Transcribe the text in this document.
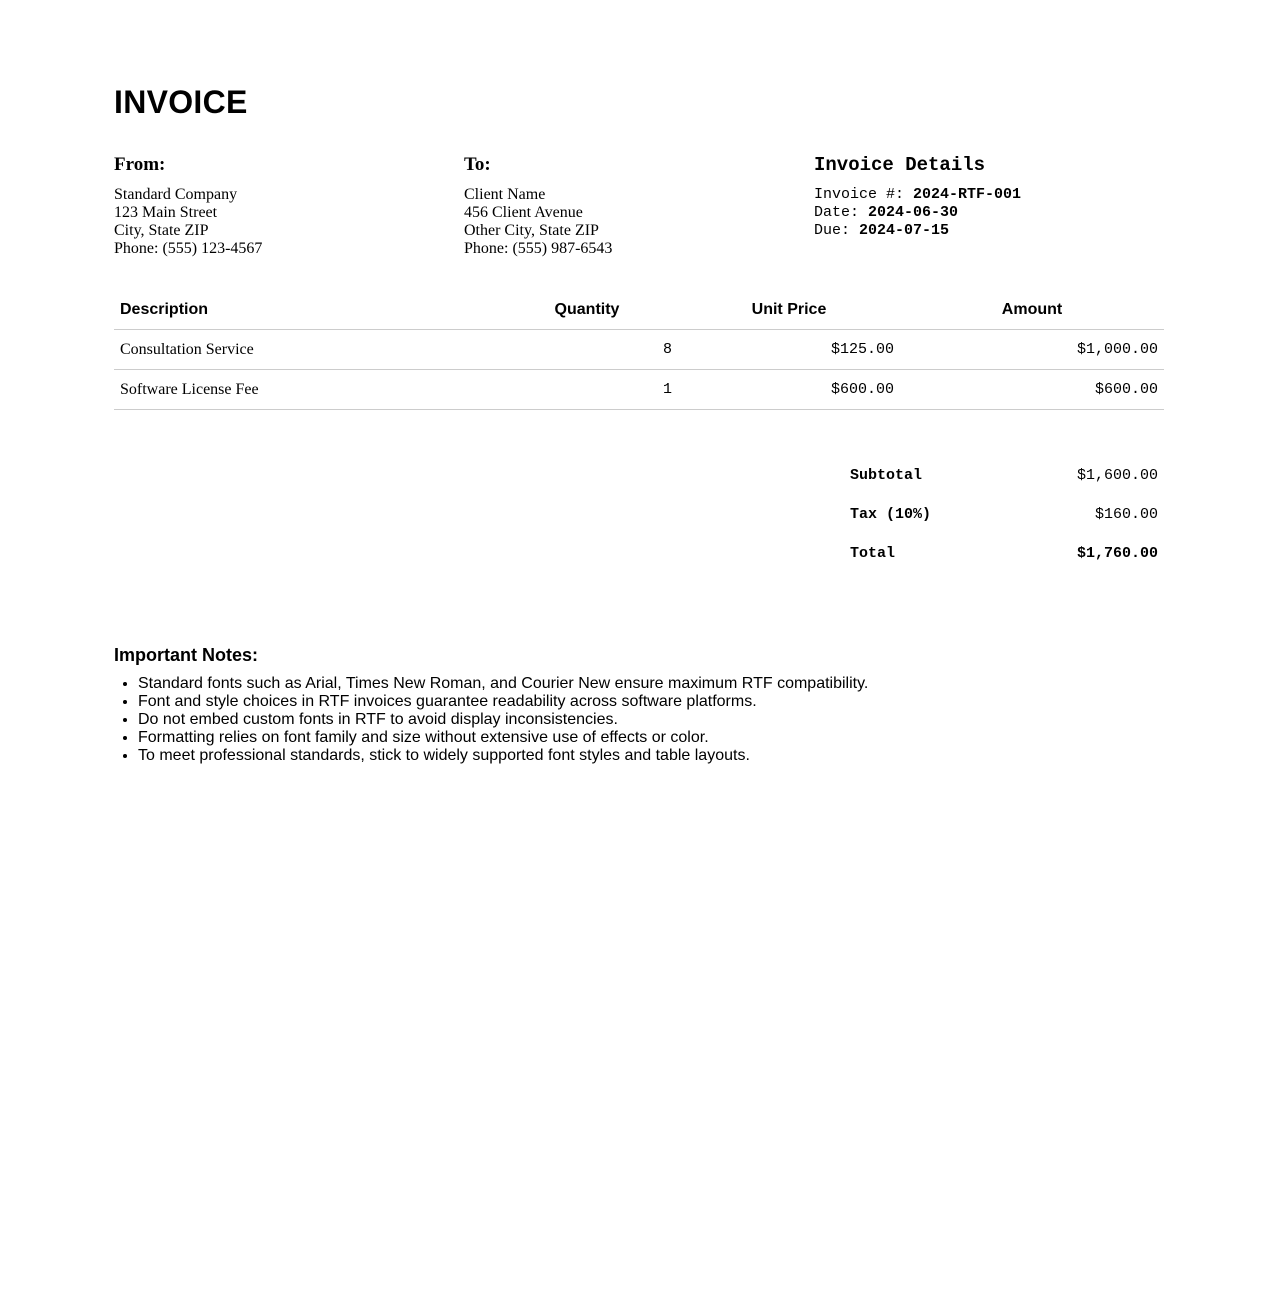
INVOICE
From:
Standard Company
123 Main Street
City, State ZIP
Phone: (555) 123-4567
To:
Client Name
456 Client Avenue
Other City, State ZIP
Phone: (555) 987-6543
Invoice Details
Invoice #: 2024-RTF-001
Date: 2024-06-30
Due: 2024-07-15
Description	Quantity	Unit Price	Amount
Consultation Service	8	$125.00	$1,000.00
Software License Fee	1	$600.00	$600.00
Subtotal	$1,600.00
Tax (10%)	$160.00
Total	$1,760.00
Important Notes:
• Standard fonts such as Arial, Times New Roman, and Courier New ensure maximum RTF compatibility.
• Font and style choices in RTF invoices guarantee readability across software platforms.
• Do not embed custom fonts in RTF to avoid display inconsistencies.
• Formatting relies on font family and size without extensive use of effects or color.
• To meet professional standards, stick to widely supported font styles and table layouts.
